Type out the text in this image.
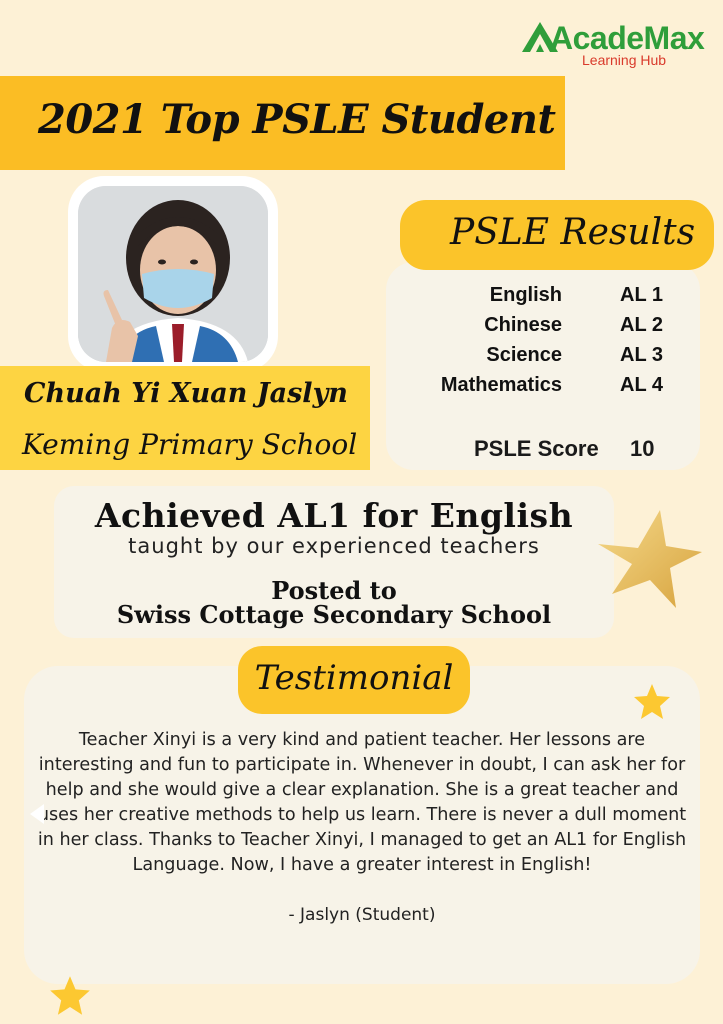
AcadeMax
Learning Hub
2021 Top PSLE Student
Chuah Yi Xuan Jaslyn
Keming Primary School
English	AL 1
Chinese	AL 2
Science	AL 3
Mathematics	AL 4
PSLE Score 10
PSLE Results
Achieved AL1 for English
taught by our experienced teachers
Posted to
Swiss Cottage Secondary School
Testimonial
Teacher Xinyi is a very kind and patient teacher. Her lessons are interesting and fun to participate in. Whenever in doubt, I can ask her for help and she would give a clear explanation. She is a great teacher and uses her creative methods to help us learn. There is never a dull moment in her class. Thanks to Teacher Xinyi, I managed to get an AL1 for English Language. Now, I have a greater interest in English!
- Jaslyn (Student)
